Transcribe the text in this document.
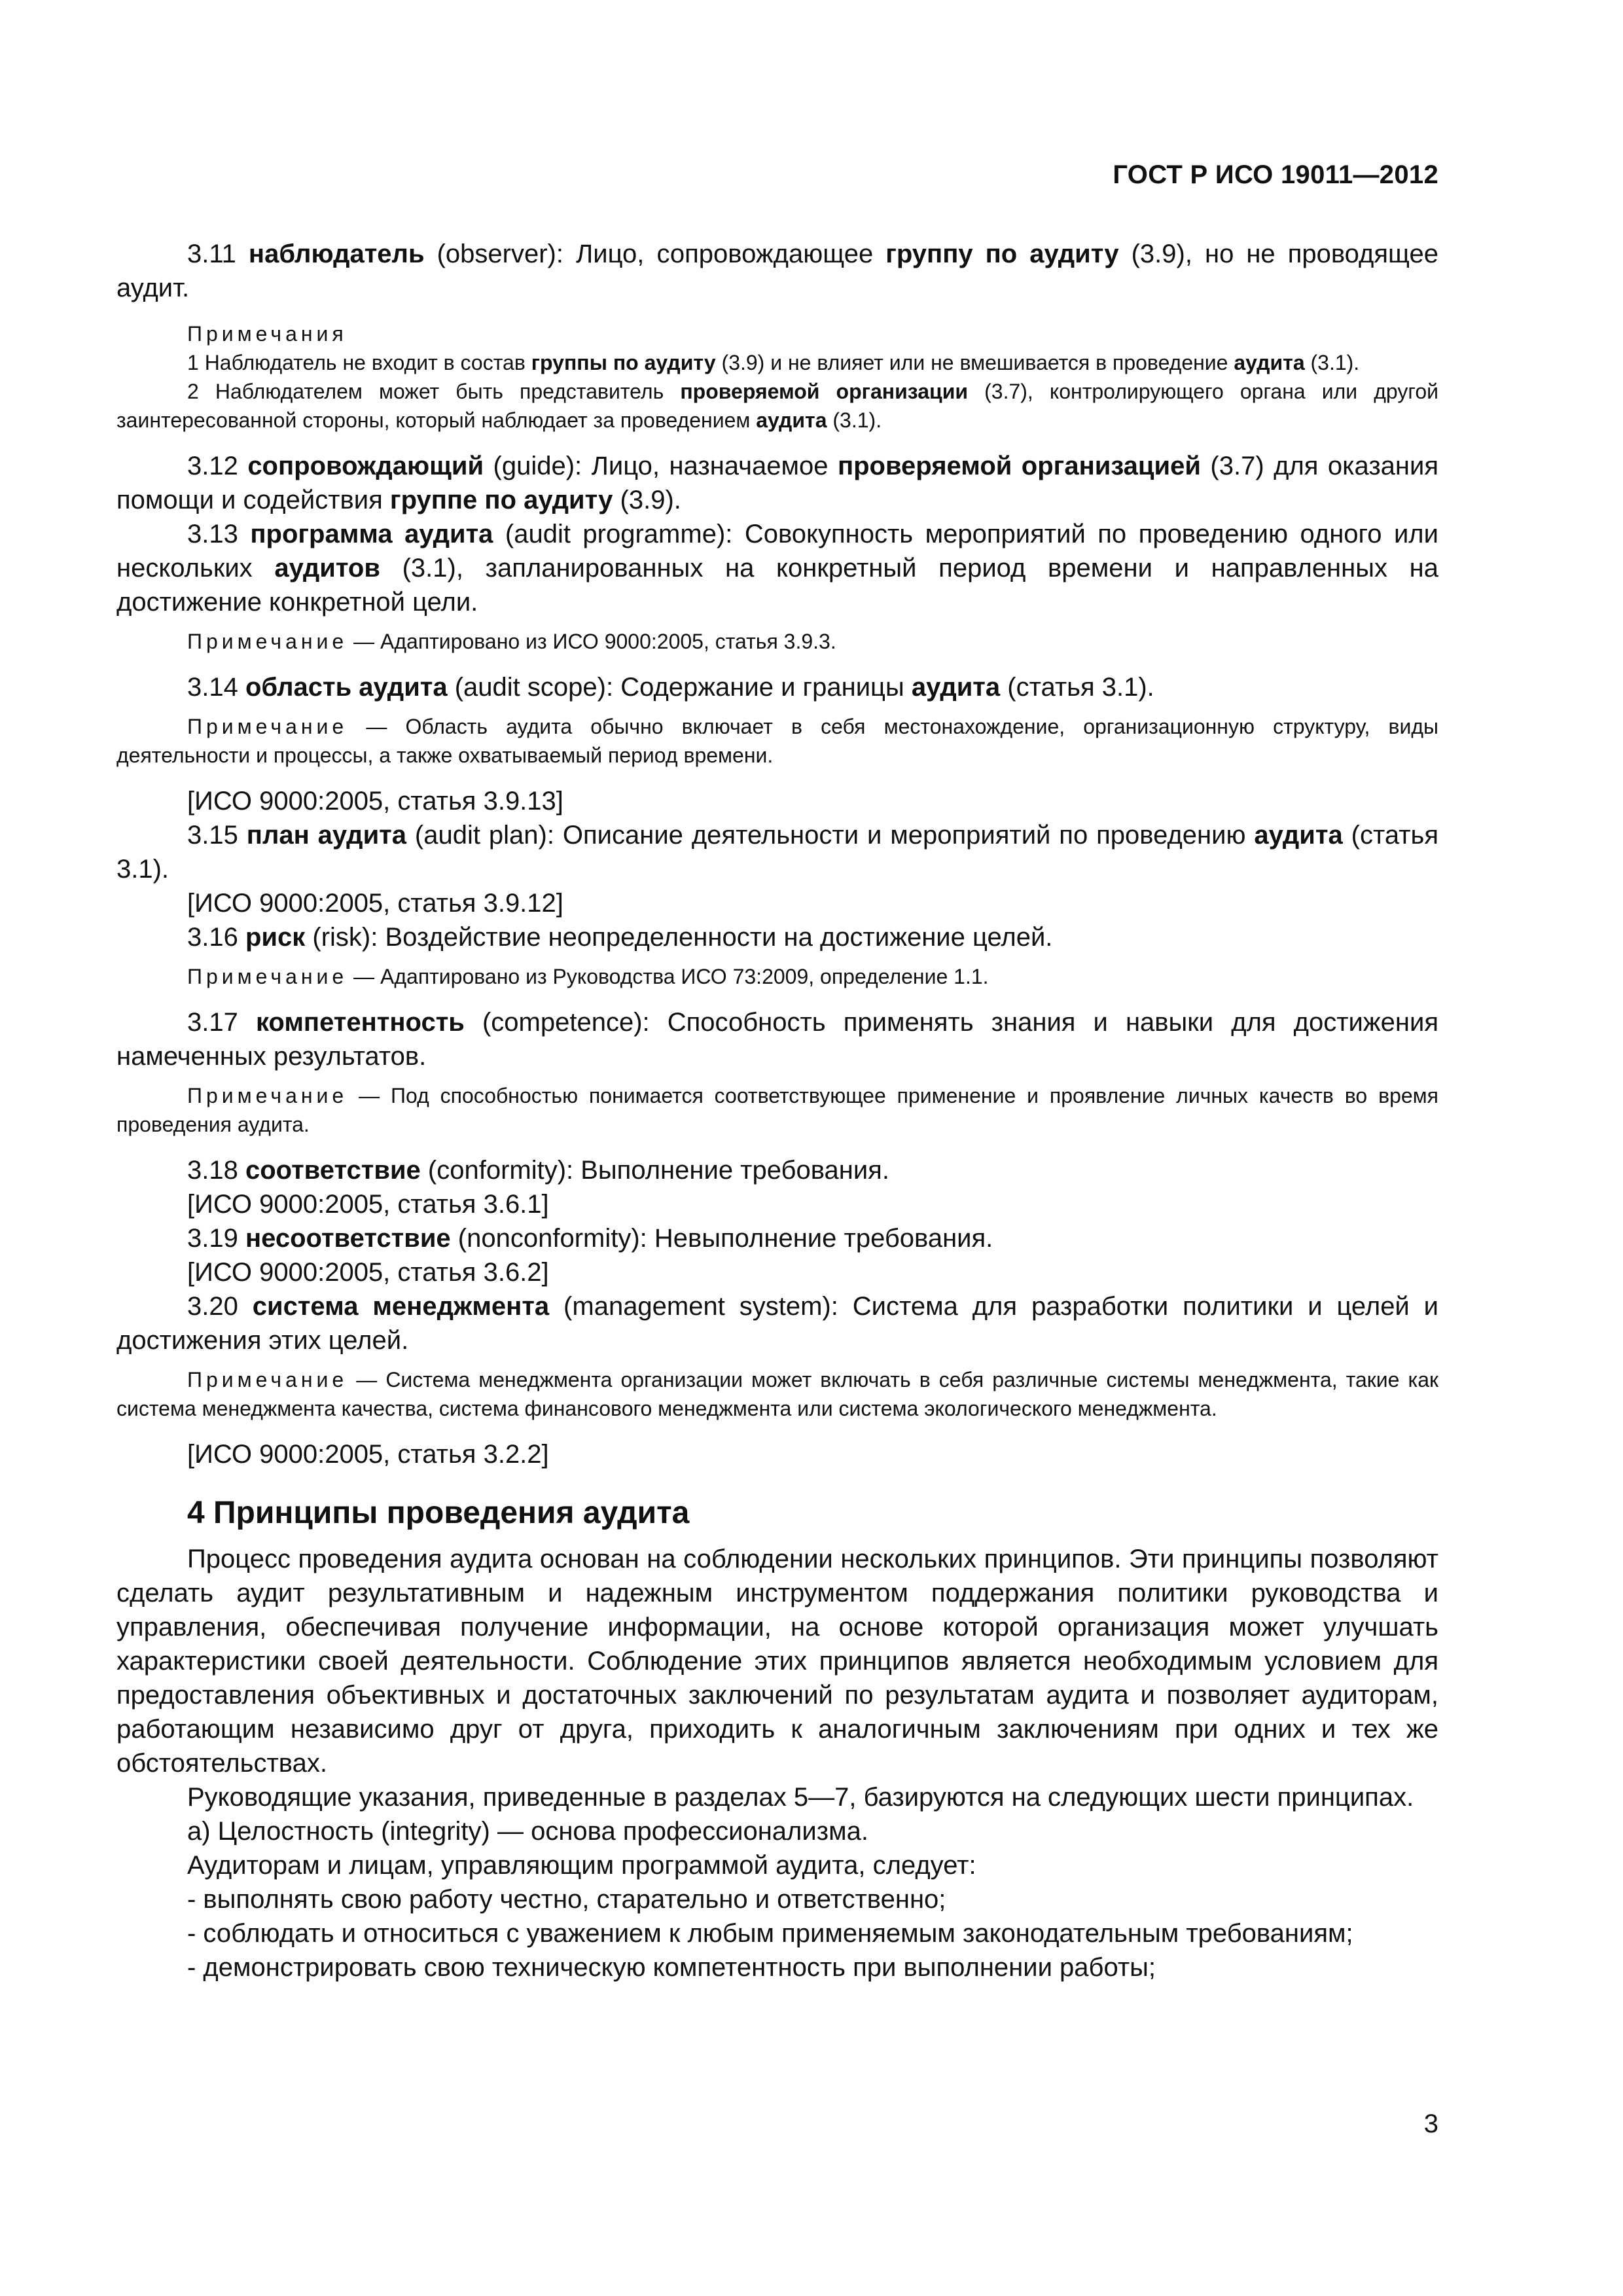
ГОСТ Р ИСО 19011—2012

3.11 наблюдатель (observer): Лицо, сопровождающее группу по аудиту (3.9), но не проводящее аудит.

Примечания

1 Наблюдатель не входит в состав группы по аудиту (3.9) и не влияет или не вмешивается в проведение аудита (3.1).

2 Наблюдателем может быть представитель проверяемой организации (3.7), контролирующего органа или другой заинтересованной стороны, который наблюдает за проведением аудита (3.1).

3.12 сопровождающий (guide): Лицо, назначаемое проверяемой организацией (3.7) для оказания помощи и содействия группе по аудиту (3.9).

3.13 программа аудита (audit programme): Совокупность мероприятий по проведению одного или нескольких аудитов (3.1), запланированных на конкретный период времени и направленных на достижение конкретной цели.

Примечание — Адаптировано из ИСО 9000:2005, статья 3.9.3.

3.14 область аудита (audit scope): Содержание и границы аудита (статья 3.1).

Примечание — Область аудита обычно включает в себя местонахождение, организационную структуру, виды деятельности и процессы, а также охватываемый период времени.

[ИСО 9000:2005, статья 3.9.13]

3.15 план аудита (audit plan): Описание деятельности и мероприятий по проведению аудита (статья 3.1).

[ИСО 9000:2005, статья 3.9.12]

3.16 риск (risk): Воздействие неопределенности на достижение целей.

Примечание — Адаптировано из Руководства ИСО 73:2009, определение 1.1.

3.17 компетентность (competence): Способность применять знания и навыки для достижения намеченных результатов.

Примечание — Под способностью понимается соответствующее применение и проявление личных качеств во время проведения аудита.

3.18 соответствие (conformity): Выполнение требования.

[ИСО 9000:2005, статья 3.6.1]

3.19 несоответствие (nonconformity): Невыполнение требования.

[ИСО 9000:2005, статья 3.6.2]

3.20 система менеджмента (management system): Система для разработки политики и целей и достижения этих целей.

Примечание — Система менеджмента организации может включать в себя различные системы менеджмента, такие как система менеджмента качества, система финансового менеджмента или система экологического менеджмента.

[ИСО 9000:2005, статья 3.2.2]

4 Принципы проведения аудита

Процесс проведения аудита основан на соблюдении нескольких принципов. Эти принципы позволяют сделать аудит результативным и надежным инструментом поддержания политики руководства и управления, обеспечивая получение информации, на основе которой организация может улучшать характеристики своей деятельности. Соблюдение этих принципов является необходимым условием для предоставления объективных и достаточных заключений по результатам аудита и позволяет аудиторам, работающим независимо друг от друга, приходить к аналогичным заключениям при одних и тех же обстоятельствах.

Руководящие указания, приведенные в разделах 5—7, базируются на следующих шести принципах.

а) Целостность (integrity) — основа профессионализма.

Аудиторам и лицам, управляющим программой аудита, следует:

- выполнять свою работу честно, старательно и ответственно;

- соблюдать и относиться с уважением к любым применяемым законодательным требованиям;

- демонстрировать свою техническую компетентность при выполнении работы;

3
